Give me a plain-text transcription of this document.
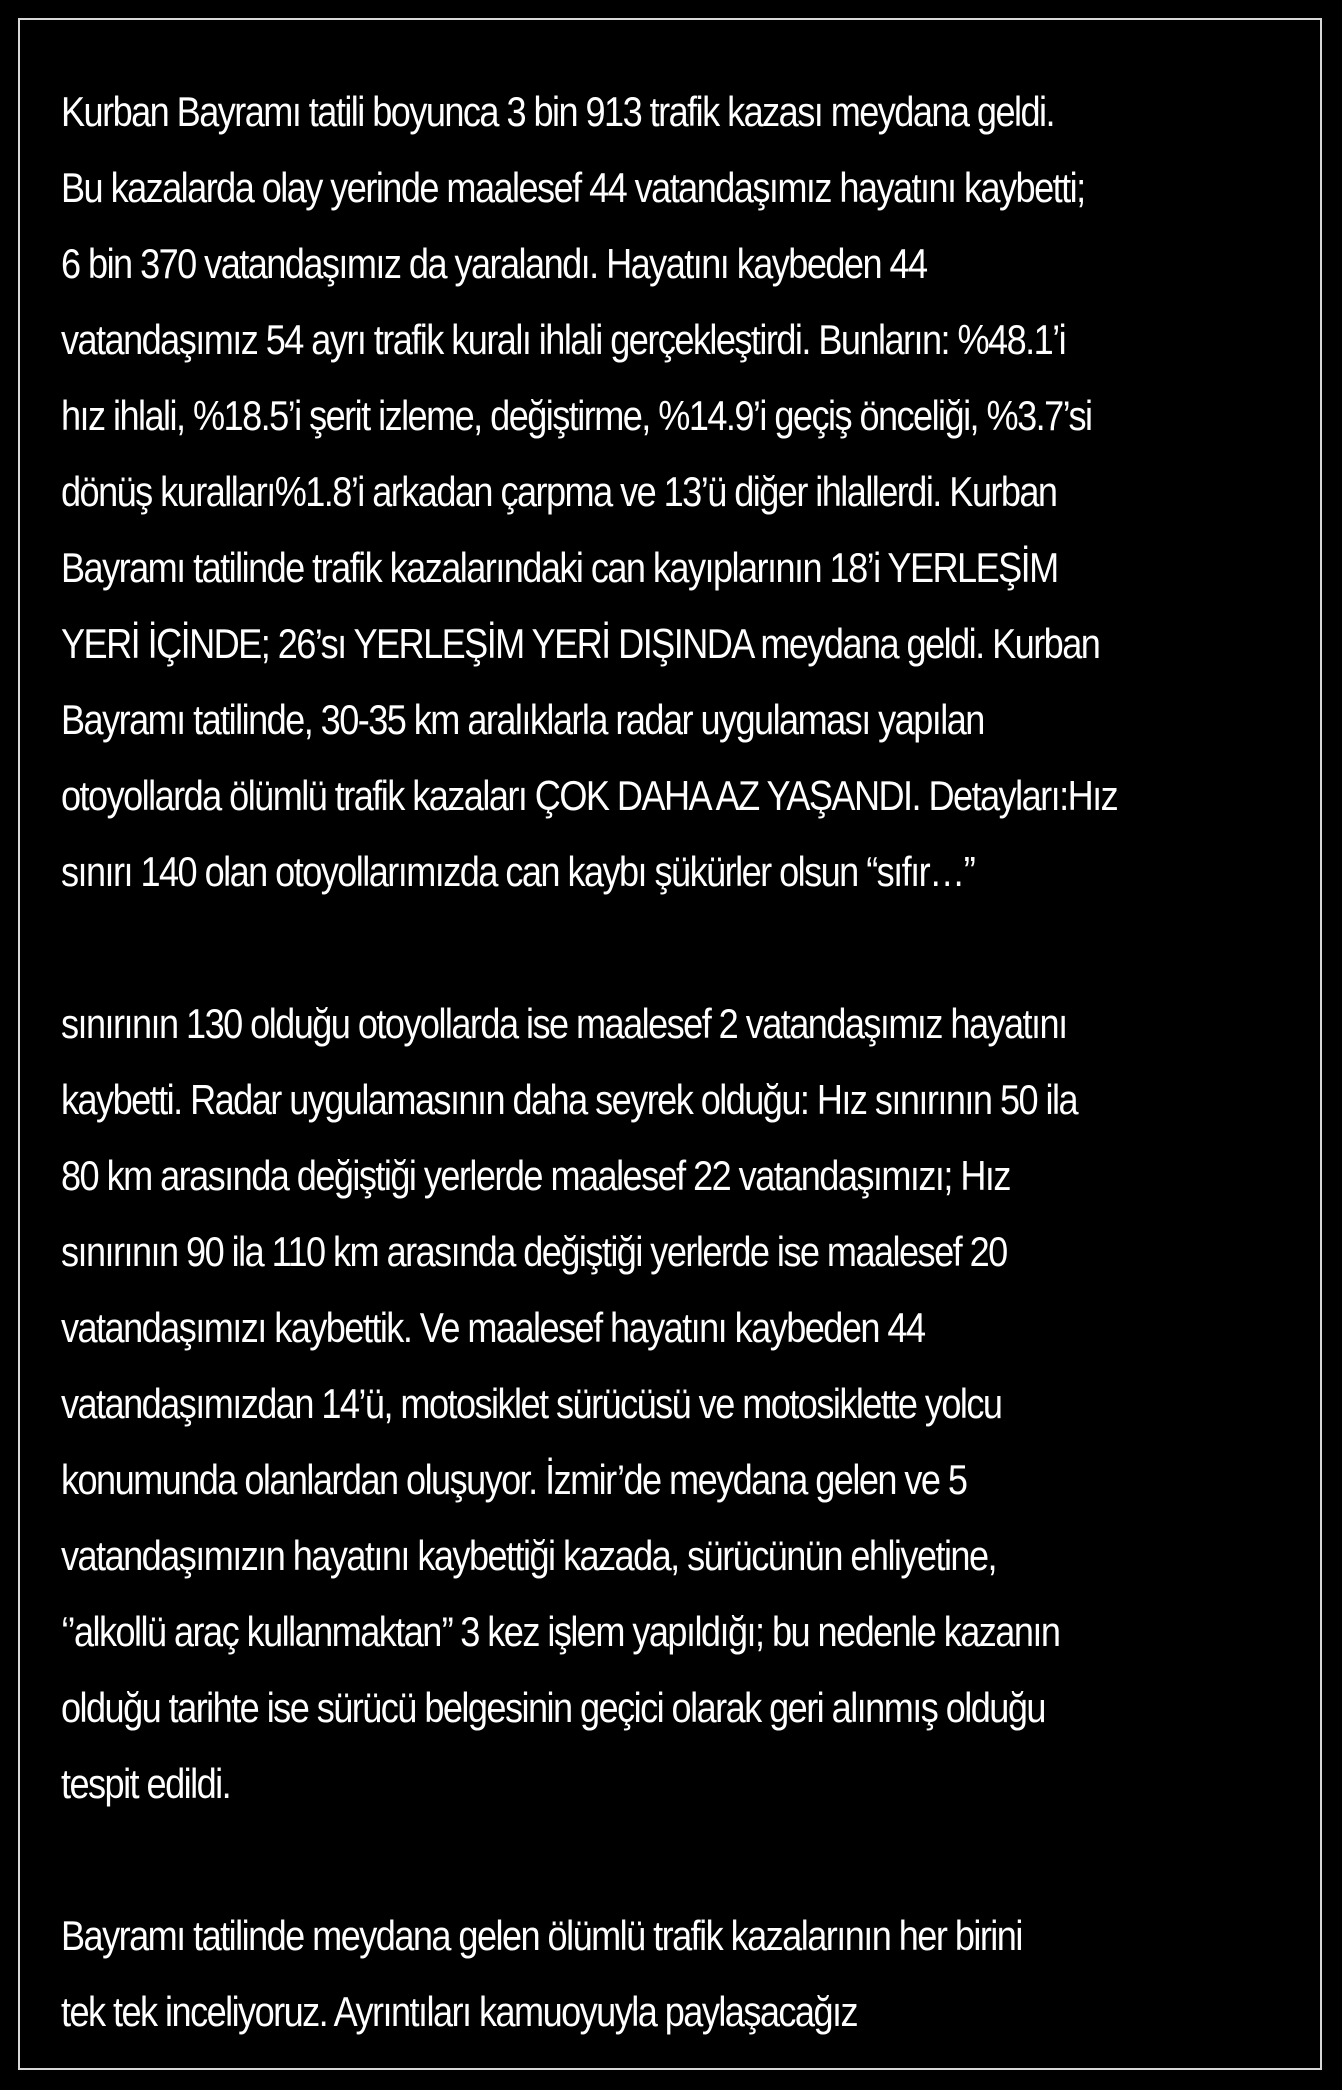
Kurban Bayramı tatili boyunca 3 bin 913 trafik kazası meydana geldi.
Bu kazalarda olay yerinde maalesef 44 vatandaşımız hayatını kaybetti;
6 bin 370 vatandaşımız da yaralandı. Hayatını kaybeden 44
vatandaşımız 54 ayrı trafik kuralı ihlali gerçekleştirdi. Bunların: %48.1’i
hız ihlali, %18.5’i şerit izleme, değiştirme, %14.9’i geçiş önceliği, %3.7’si
dönüş kuralları%1.8’i arkadan çarpma ve 13’ü diğer ihlallerdi. Kurban
Bayramı tatilinde trafik kazalarındaki can kayıplarının 18’i YERLEŞİM
YERİ İÇİNDE; 26’sı YERLEŞİM YERİ DIŞINDA meydana geldi. Kurban
Bayramı tatilinde, 30-35 km aralıklarla radar uygulaması yapılan
otoyollarda ölümlü trafik kazaları ÇOK DAHA AZ YAŞANDI. Detayları:Hız
sınırı 140 olan otoyollarımızda can kaybı şükürler olsun “sıfır…”

sınırının 130 olduğu otoyollarda ise maalesef 2 vatandaşımız hayatını
kaybetti. Radar uygulamasının daha seyrek olduğu: Hız sınırının 50 ila
80 km arasında değiştiği yerlerde maalesef 22 vatandaşımızı; Hız
sınırının 90 ila 110 km arasında değiştiği yerlerde ise maalesef 20
vatandaşımızı kaybettik. Ve maalesef hayatını kaybeden 44
vatandaşımızdan 14’ü, motosiklet sürücüsü ve motosiklette yolcu
konumunda olanlardan oluşuyor. İzmir’de meydana gelen ve 5
vatandaşımızın hayatını kaybettiği kazada, sürücünün ehliyetine,
‘’alkollü araç kullanmaktan’’ 3 kez işlem yapıldığı; bu nedenle kazanın
olduğu tarihte ise sürücü belgesinin geçici olarak geri alınmış olduğu
tespit edildi.

Bayramı tatilinde meydana gelen ölümlü trafik kazalarının her birini
tek tek inceliyoruz. Ayrıntıları kamuoyuyla paylaşacağız
